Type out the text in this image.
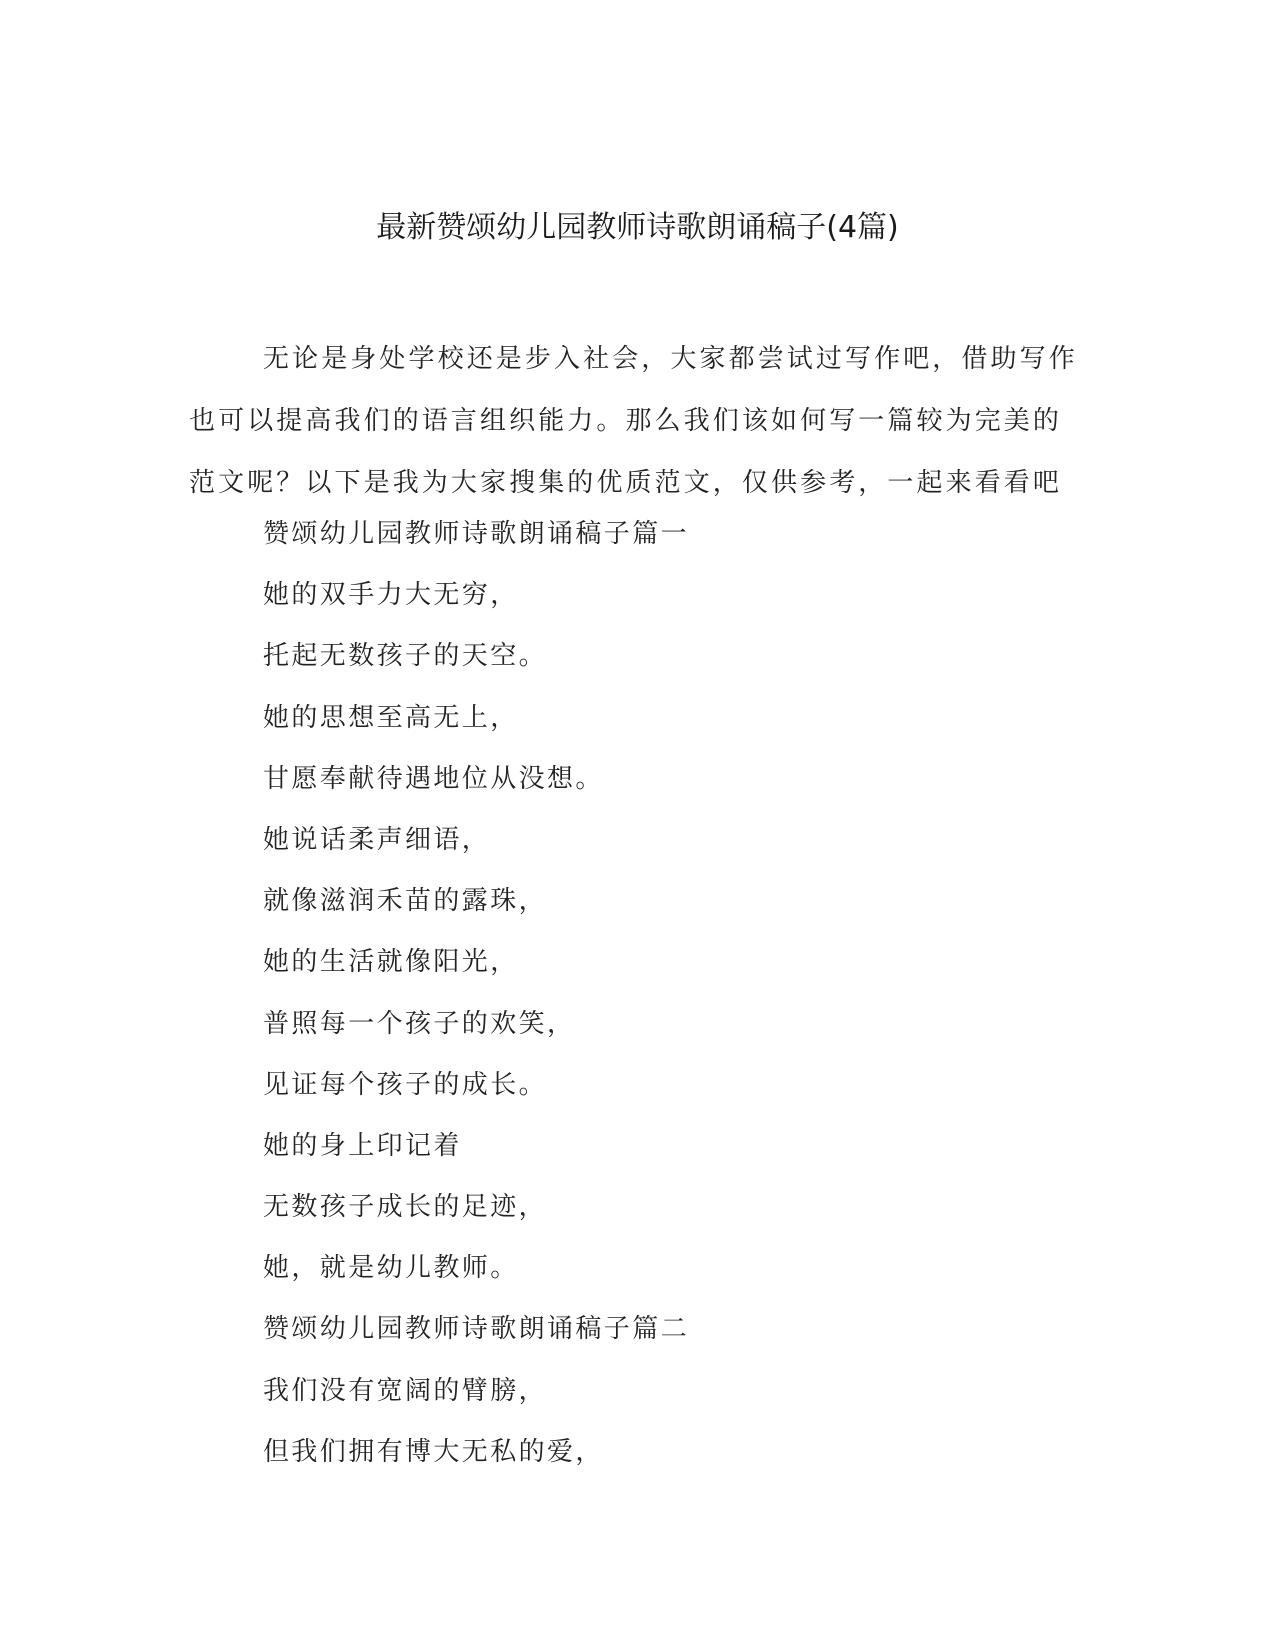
最新赞颂幼儿园教师诗歌朗诵稿子(4篇)

无论是身处学校还是步入社会，大家都尝试过写作吧，借助写作也可以提高我们的语言组织能力。那么我们该如何写一篇较为完美的范文呢？以下是我为大家搜集的优质范文，仅供参考，一起来看看吧

赞颂幼儿园教师诗歌朗诵稿子篇一
她的双手力大无穷，
托起无数孩子的天空。
她的思想至高无上，
甘愿奉献待遇地位从没想。
她说话柔声细语，
就像滋润禾苗的露珠，
她的生活就像阳光，
普照每一个孩子的欢笑，
见证每个孩子的成长。
她的身上印记着
无数孩子成长的足迹，
她，就是幼儿教师。
赞颂幼儿园教师诗歌朗诵稿子篇二
我们没有宽阔的臂膀，
但我们拥有博大无私的爱，
